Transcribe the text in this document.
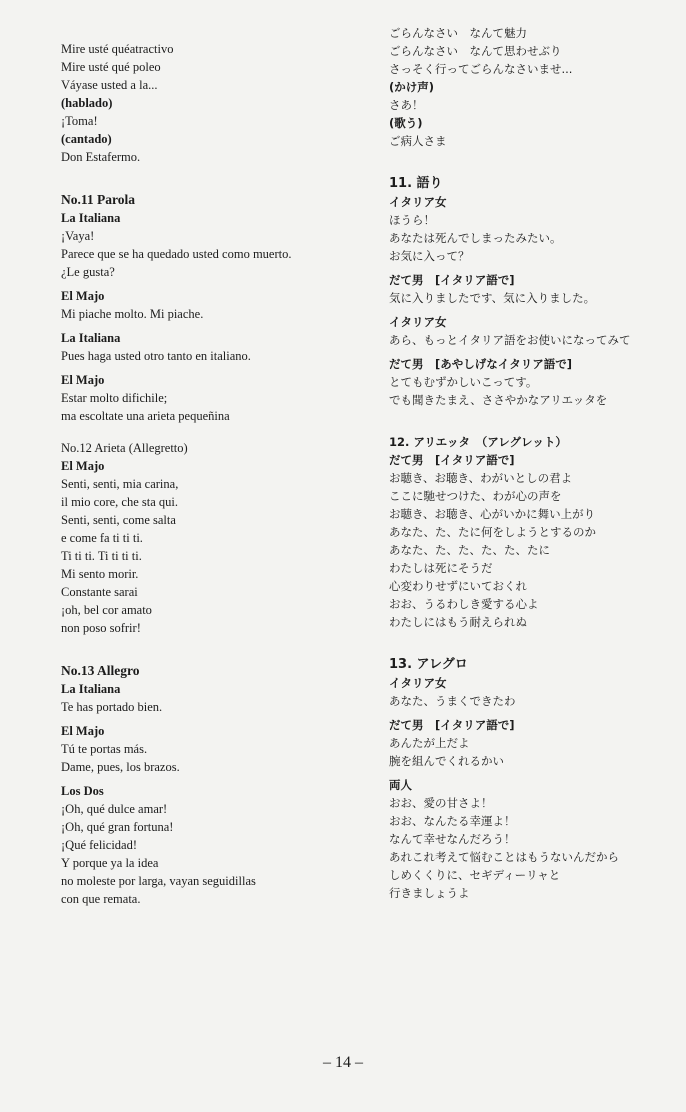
Mire usté quéatractivo
Mire usté qué poleo
Váyase usted a la...
(hablado)
¡Toma!
(cantado)
Don Estafermo.
No.11 Parola
La Italiana
¡Vaya!
Parece que se ha quedado usted como muerto.
¿Le gusta?
El Majo
Mi piache molto. Mi piache.
La Italiana
Pues haga usted otro tanto en italiano.
El Majo
Estar molto difichile;
ma escoltate una arieta pequeñina
No.12 Arieta (Allegretto)
El Majo
Senti, senti, mia carina,
il mio core, che sta qui.
Senti, senti, come salta
e come fa ti ti ti.
Ti ti ti. Ti ti ti ti.
Mi sento morir.
Constante sarai
¡oh, bel cor amato
non poso sofrir!
No.13 Allegro
La Italiana
Te has portado bien.
El Majo
Tú te portas más.
Dame, pues, los brazos.
Los Dos
¡Oh, qué dulce amar!
¡Oh, qué gran fortuna!
¡Qué felicidad!
Y porque ya la idea
no moleste por larga, vayan seguidillas
con que remata.
ごらんなさい　なんて魅力
ごらんなさい　なんて思わせぶり
さっそく行ってごらんなさいませ...
(かけ声)
さあ！
(歌う)
ご病人さま
11. 語り
イタリア女
ほうら！
あなたは死んでしまったみたい。
お気に入って？
だて男　[イタリア語で]
気に入りましたです、気に入りました。
イタリア女
あら、もっとイタリア語をお使いになってみて
だて男　[あやしげなイタリア語で]
とてもむずかしいこってす。
でも聞きたまえ、ささやかなアリエッタを
12. アリエッタ　（アレグレット）
だて男　[イタリア語で]
お聴き、お聴き、わがいとしの君よ
ここに馳せつけた、わが心の声を
お聴き、お聴き、心がいかに舞い上がり
あなた、た、たに何をしようとするのか
あなた、た、た、た、た、たに
わたしは死にそうだ
心変わりせずにいておくれ
おお、うるわしき愛する心よ
わたしにはもう耐えられぬ
13. アレグロ
イタリア女
あなた、うまくできたわ
だて男　[イタリア語で]
あんたが上だよ
腕を組んでくれるかい
両人
おお、愛の甘さよ！
おお、なんたる幸運よ！
なんて幸せなんだろう！
あれこれ考えて悩むことはもうないんだから
しめくくりに、セギディーリャと
行きましょうよ
– 14 –
